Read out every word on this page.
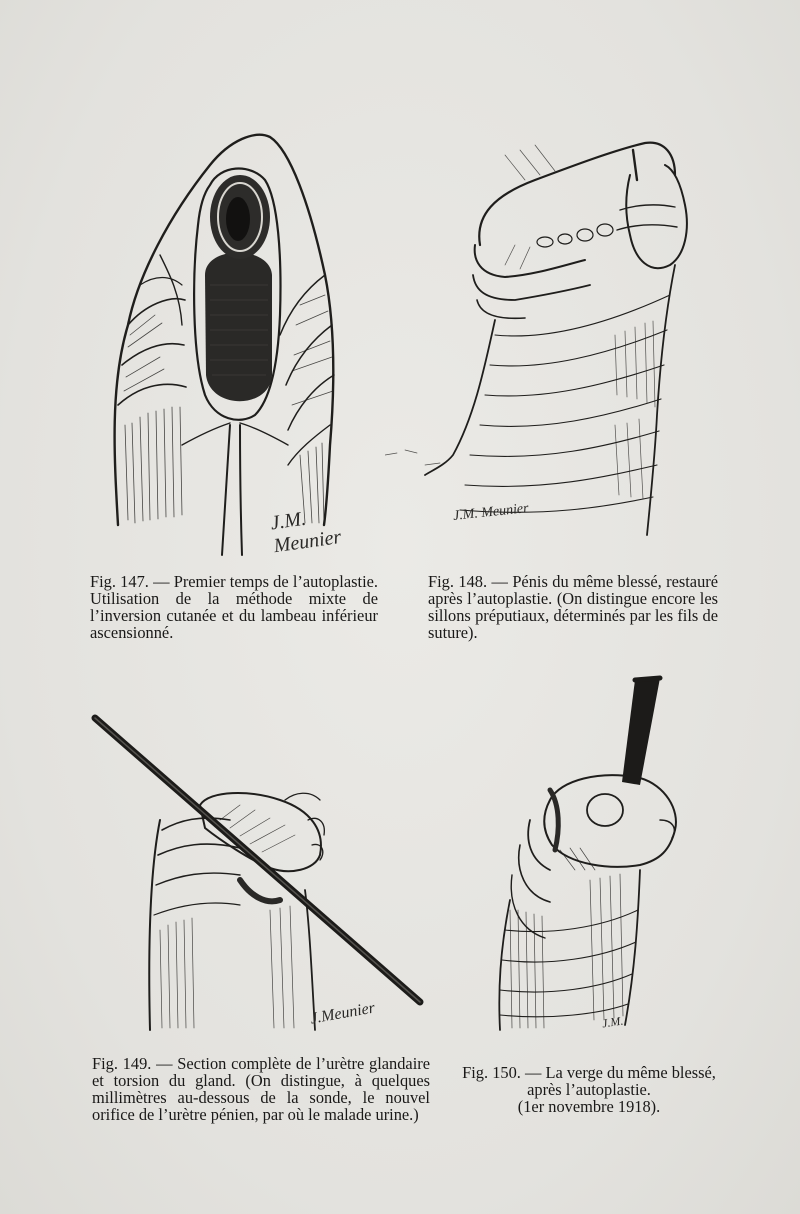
J.M. Meunier
Fig. 147. — Premier temps de l’autoplastie. Utilisation de la méthode mixte de l’inversion cutanée et du lambeau inférieur ascensionné.
J.M. Meunier
Fig. 148. — Pénis du même blessé, restauré après l’autoplastie. (On distingue encore les sillons préputiaux, déterminés par les fils de suture).
J.Meunier
Fig. 149. — Section complète de l’urètre glandaire et torsion du gland. (On distingue, à quelques millimètres au-dessous de la sonde, le nouvel orifice de l’urètre pénien, par où le malade urine.)
J.M.
Fig. 150. — La verge du même blessé, après l’autoplastie.
(1er novembre 1918).
